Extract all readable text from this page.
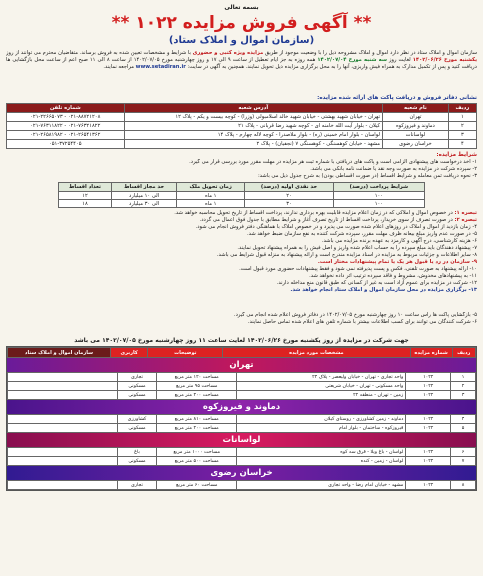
بسمه تعالی
** آگهی فروش مزایده ۱۰۲۲ **
(سازمان اموال و املاک ستاد)
سازمان اموال و املاک ستاد در نظر دارد اموال و املاک مشروحه ذیل را با وضعیت موجود از طریق مزایده ویژه کتبی و حضوری با شرایط و مشخصات تعیین شده به فروش برساند. متقاضیان محترم می توانند از روز یکشنبه مورخ ۱۴۰۲/۰۶/۲۶ لغایت روز سه شنبه مورخ ۱۴۰۲/۰۷/۰۴ همه روزه به جز ایام تعطیل از ساعت ۹ الی ۱۷ و روز چهارشنبه مورخ ۱۴۰۲/۰۷/۰۵ از ساعت ۸ الی ۱۱ صبح اعم از ساعت محل بازگشایی ها دریافت کنید و پس از تکمیل مدارک به همراه فیش واریزی، آنها را به محل برگزاری مزایده ذیل تحویل نمایند. همچنین به آگهی در سایت: www.setadiran.ir مراجعه نمایند.
نشانی دفاتر فروش و دریافت پاکت های ارائه شده مزایده:
ردیف	نام شعبه	آدرس شعبه	شماره تلفن
۱	تهران	تهران - خیابان شهید بهشتی - خیابان شهید خالد اسلامبولی (وزرا) - کوچه بیست و یکم - پلاک ۱۲	۰۲۱-۸۸۷۲۱۲۰۸ - ۰۲۱-۲۲۶۶۵۰۷۳
۲	دماوند و فیروزکوه	کیلان - بلوار آیت الله خامنه ای - کوچه شهید رضا قربانی - پلاک ۲۱	۰۲۱-۷۶۳۲۱۸۲۲ - ۰۲۱-۷۶۳۱۱۸۲۲
۳	لواسانات	لواسان - بلوار امام خمینی (ره) - بلوار ملاصدرا - کوچه لاله چهارم - پلاک ۱۴	۰۲۱-۲۶۵۴۱۳۶۲ - ۰۲۱-۲۶۵۸۱۹۸۲
۴	خراسان رضوی	مشهد - خیابان کوهسنگی - کوهسنگی ۷ (نجفیان) - پلاک ۲	۰۵۱-۳۷۲۵۴۴۰۵
شرایط مزایده:
۱- اخذ درخواست های پیشنهادی الزامی است و پاکت های دریافتی با شماره ثبت هر مزایده در مهلت مقرر مورد بررسی قرار می گیرد.
۲- سپرده شرکت در مزایده به صورت وجه نقد یا ضمانت نامه بانکی می باشد.
۳- نحوه دریافت ثمن معامله و شرایط اقساط (در صورت اقساطی بودن) به شرح جدول ذیل می باشد:
شرایط پرداخت (درصد)	حد نقدی اولیه (درصد)	زمان تحویل ملک	حد مجاز اقساط	تعداد اقساط
۱۰۰	۲۰	۱ ماه	الی ۱۰ میلیارد	۱۲
۱۰۰	۳۰	۱ ماه	الی ۳۰ میلیارد	۱۸
تبصره ۱: در خصوص اموال و املاکی که در زمان اعلام مزایده قابلیت بهره برداری ندارند، پرداخت اقساط از تاریخ تحویل محاسبه خواهد شد.
تبصره ۲: در صورت تصرف از سوی خریدار، پرداخت اقساط از تاریخ تصرف آغاز و شرایط مطابق با جدول فوق اعمال می گردد.
۴- زمان بازدید از اموال و املاک در روزهای اعلام شده صورت می پذیرد و در خصوص املاک با هماهنگی دفتر فروش انجام می شود.
۵- در صورت عدم واریز مبلغ بیعانه ظرف مهلت مقرر، سپرده شرکت کننده به نفع سازمان ضبط خواهد شد.
۶- هزینه کارشناسی، درج آگهی و کارمزد به عهده برنده مزایده می باشد.
۷- پیشنهاد دهندگان باید مبلغ سپرده را به حساب اعلام شده واریز و اصل فیش را به همراه پیشنهاد تحویل نمایند.
۸- سایر اطلاعات و جزئیات مربوط به مزایده در اسناد مزایده مندرج است و ارائه پیشنهاد به منزله قبول شرایط می باشد.
۹- سازمان در رد یا قبول هر یک یا تمام پیشنهادات مختار است.
۱۰- ارائه پیشنهاد به صورت تلفنی، فکس و پست پذیرفته نمی شود و فقط پیشنهادات حضوری مورد قبول است.
۱۱- به پیشنهادهای مخدوش، مشروط و فاقد سپرده ترتیب اثر داده نخواهد شد.
۱۲- شرکت در مزایده برای عموم آزاد است به غیر از کسانی که طبق قانون منع مداخله دارند.
۱۳- برگزاری مزایده در محل سازمان اموال و املاک ستاد انجام خواهد شد.
۵- بازگشایی پاکت ها رأس ساعت ۱۰ روز چهارشنبه مورخ ۱۴۰۲/۰۷/۰۵ در دفاتر فروش اعلام شده انجام می گیرد.
۶- شرکت کنندگان می توانند برای کسب اطلاعات بیشتر با شماره تلفن های اعلام شده تماس حاصل نمایند.
جهت شرکت در مزایده از روز یکشنبه مورخ ۱۴۰۲/۰۶/۲۶ لغایت ساعت ۱۱ روز چهارشنبه مورخ ۱۴۰۲/۰۷/۰۵ می باشد
ردیف	شماره مزایده	مشخصات مورد مزایده	توضیحات	کاربری	سازمان اموال و املاک ستاد
تهران
۱	۱۰۲۲	واحد تجاری - تهران - خیابان ولیعصر - پلاک ۲۴	مساحت ۱۲۰ متر مربع	تجاری	
۲	۱۰۲۲	واحد مسکونی - تهران - خیابان شریعتی	مساحت ۹۵ متر مربع	مسکونی	
۳	۱۰۲۲	زمین - تهران - منطقه ۲۲	مساحت ۴۰۰ متر مربع	مسکونی	
دماوند و فیروزکوه
۴	۱۰۲۲	دماوند - زمین کشاورزی - روستای کیلان	مساحت ۸۱۰ متر مربع	کشاورزی	
۵	۱۰۲۲	فیروزکوه - ساختمان - بلوار امام	مساحت ۲۰۰ متر مربع	مسکونی	
لواسانات
۶	۱۰۲۲	لواسان - باغ ویلا - قرق سه کوه	مساحت ۱۰۰۰ متر مربع	باغ	
۷	۱۰۲۲	لواسان - زمین - کنده	مساحت ۵۰۰ متر مربع	مسکونی	
خراسان رضوی
۸	۱۰۲۲	مشهد - خیابان امام رضا - واحد تجاری	مساحت ۶۰ متر مربع	تجاری	
